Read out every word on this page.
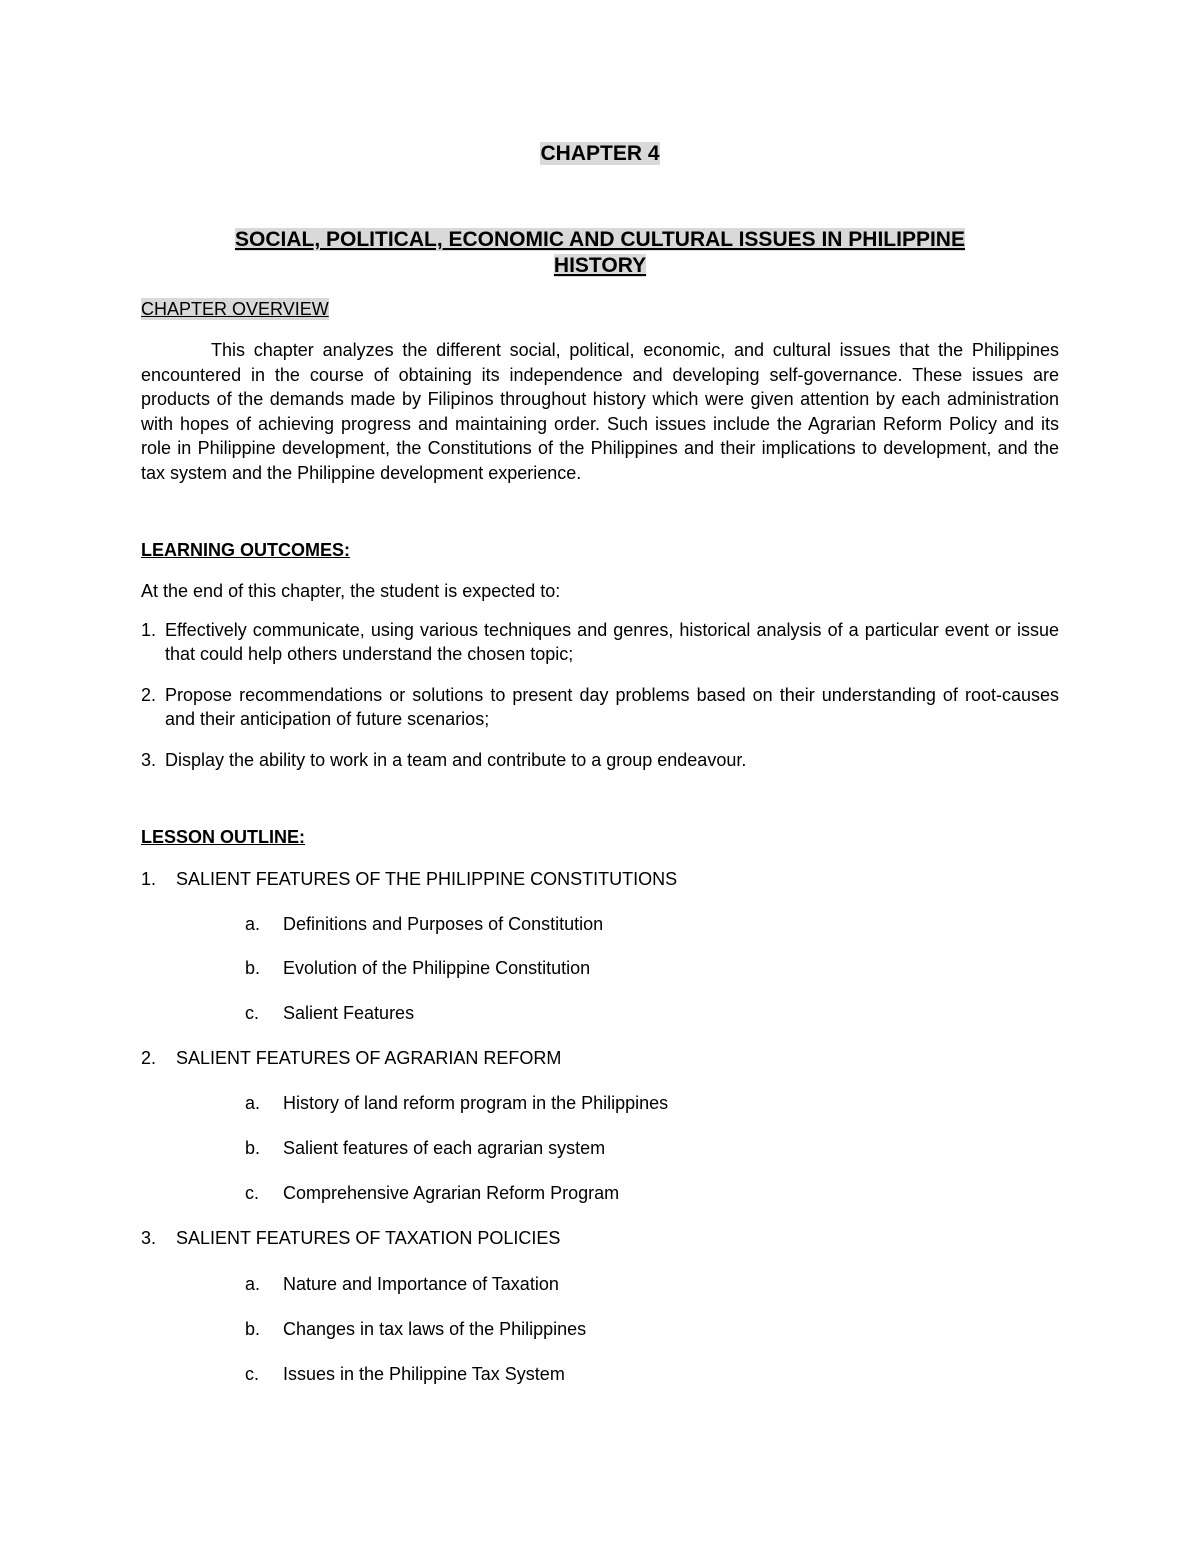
CHAPTER 4
SOCIAL, POLITICAL, ECONOMIC AND CULTURAL ISSUES IN PHILIPPINE
HISTORY
CHAPTER OVERVIEW

This chapter analyzes the different social, political, economic, and cultural issues that the Philippines encountered in the course of obtaining its independence and developing self-governance. These issues are products of the demands made by Filipinos throughout history which were given attention by each administration with hopes of achieving progress and maintaining order. Such issues include the Agrarian Reform Policy and its role in Philippine development, the Constitutions of the Philippines and their implications to development, and the tax system and the Philippine development experience.

LEARNING OUTCOMES:
At the end of this chapter, the student is expected to:
1. Effectively communicate, using various techniques and genres, historical analysis of a particular event or issue that could help others understand the chosen topic;
2. Propose recommendations or solutions to present day problems based on their understanding of root-causes and their anticipation of future scenarios;
3. Display the ability to work in a team and contribute to a group endeavour.
LESSON OUTLINE:
1. SALIENT FEATURES OF THE PHILIPPINE CONSTITUTIONS
a. Definitions and Purposes of Constitution
b. Evolution of the Philippine Constitution
c. Salient Features
2. SALIENT FEATURES OF AGRARIAN REFORM
a. History of land reform program in the Philippines
b. Salient features of each agrarian system
c. Comprehensive Agrarian Reform Program
3. SALIENT FEATURES OF TAXATION POLICIES
a. Nature and Importance of Taxation
b. Changes in tax laws of the Philippines
c. Issues in the Philippine Tax System
